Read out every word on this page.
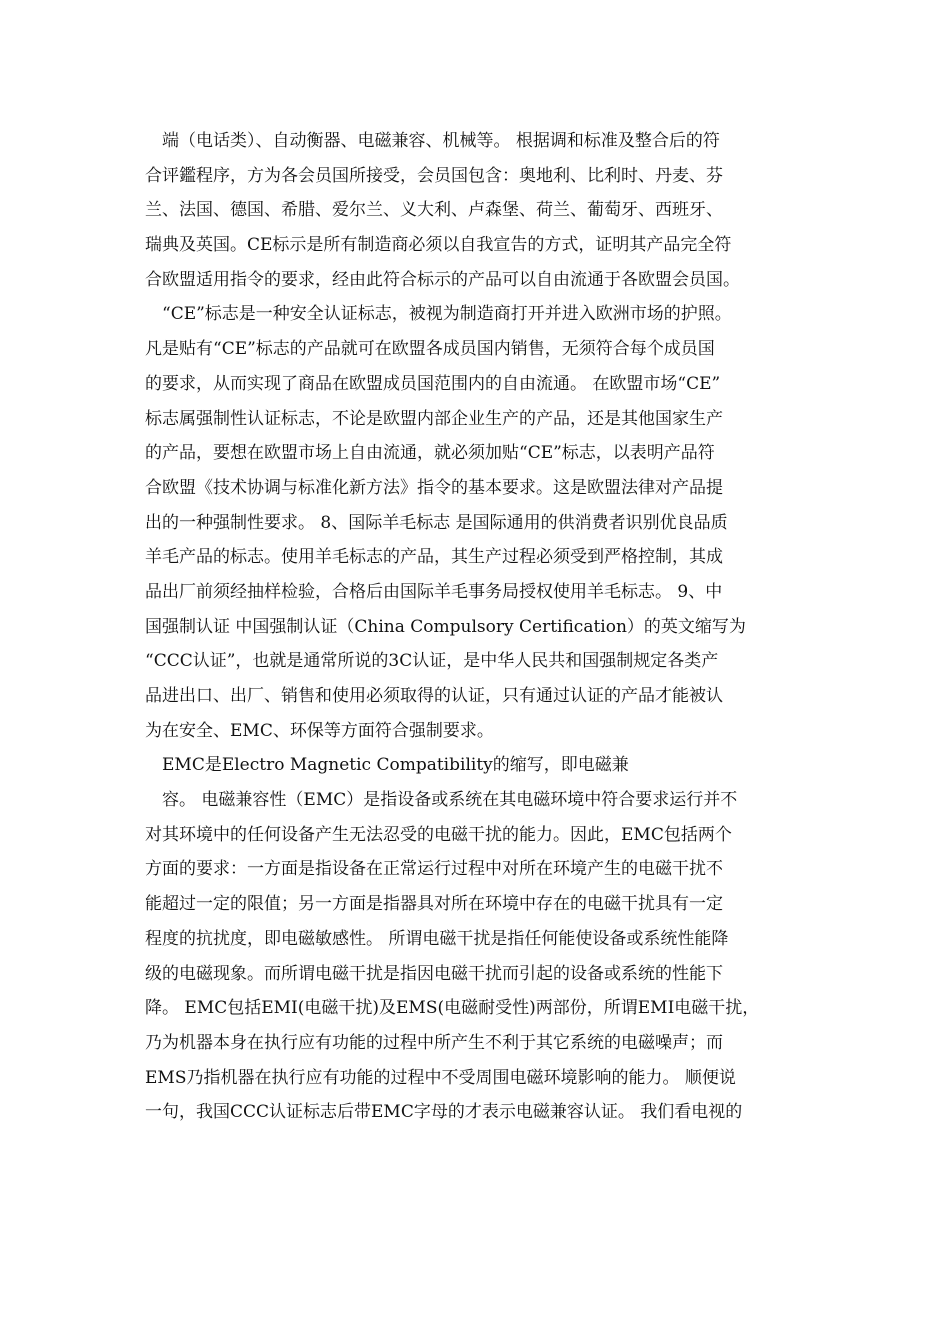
端（电话类）、自动衡器、电磁兼容、机械等。 根据调和标准及整合后的符
合评鑑程序，方为各会员国所接受，会员国包含：奥地利、比利时、丹麦、芬
兰、法国、德国、希腊、爱尔兰、义大利、卢森堡、荷兰、葡萄牙、西班牙、
瑞典及英国。CE标示是所有制造商必须以自我宣告的方式，证明其产品完全符
合欧盟适用指令的要求，经由此符合标示的产品可以自由流通于各欧盟会员国。
“CE”标志是一种安全认证标志，被视为制造商打开并进入欧洲市场的护照。
凡是贴有“CE”标志的产品就可在欧盟各成员国内销售，无须符合每个成员国
的要求，从而实现了商品在欧盟成员国范围内的自由流通。 在欧盟市场“CE”
标志属强制性认证标志，不论是欧盟内部企业生产的产品，还是其他国家生产
的产品，要想在欧盟市场上自由流通，就必须加贴“CE”标志，以表明产品符
合欧盟《技术协调与标准化新方法》指令的基本要求。这是欧盟法律对产品提
出的一种强制性要求。 8、国际羊毛标志 是国际通用的供消费者识别优良品质
羊毛产品的标志。使用羊毛标志的产品，其生产过程必须受到严格控制，其成
品出厂前须经抽样检验，合格后由国际羊毛事务局授权使用羊毛标志。 9、中
国强制认证 中国强制认证（China Compulsory Certification）的英文缩写为
“CCC认证”，也就是通常所说的3C认证，是中华人民共和国强制规定各类产
品进出口、出厂、销售和使用必须取得的认证，只有通过认证的产品才能被认
为在安全、EMC、环保等方面符合强制要求。
EMC是Electro Magnetic Compatibility的缩写，即电磁兼
容。 电磁兼容性（EMC）是指设备或系统在其电磁环境中符合要求运行并不
对其环境中的任何设备产生无法忍受的电磁干扰的能力。因此，EMC包括两个
方面的要求：一方面是指设备在正常运行过程中对所在环境产生的电磁干扰不
能超过一定的限值；另一方面是指器具对所在环境中存在的电磁干扰具有一定
程度的抗扰度，即电磁敏感性。 所谓电磁干扰是指任何能使设备或系统性能降
级的电磁现象。而所谓电磁干扰是指因电磁干扰而引起的设备或系统的性能下
降。 EMC包括EMI(电磁干扰)及EMS(电磁耐受性)两部份，所谓EMI电磁干扰，
乃为机器本身在执行应有功能的过程中所产生不利于其它系统的电磁噪声；而
EMS乃指机器在执行应有功能的过程中不受周围电磁环境影响的能力。 顺便说
一句，我国CCC认证标志后带EMC字母的才表示电磁兼容认证。 我们看电视的
